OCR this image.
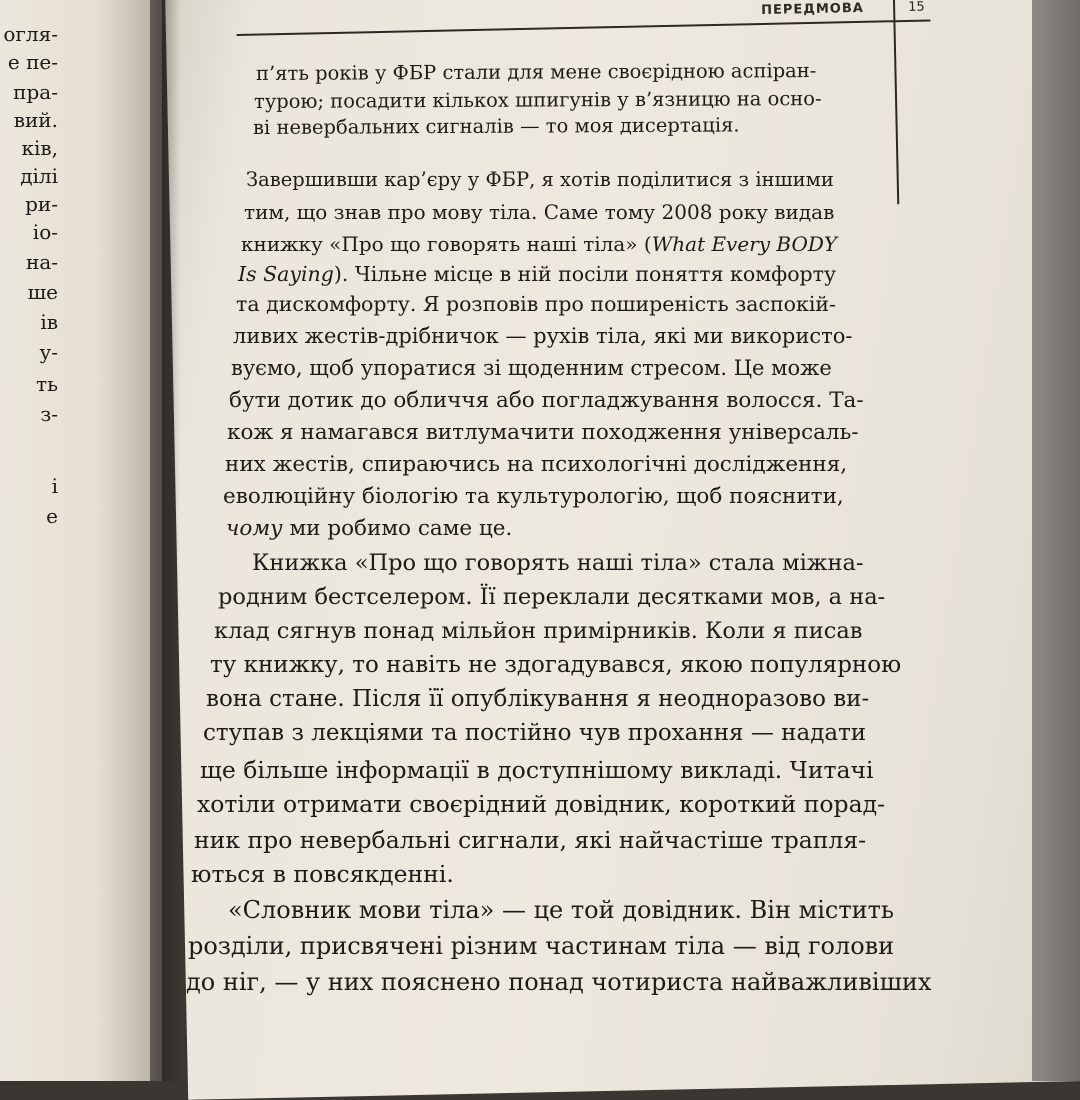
огля-
е пе-
пра-
вий.
ків,
ділі
ри-
іо-
на-
ше
ів
у-
ть
з-
і
е
ПЕРЕДМОВА	15
п’ять років у ФБР стали для мене своєрідною аспіран-
турою; посадити кількох шпигунів у в’язницю на осно-
ві невербальних сигналів — то моя дисертація.
Завершивши кар’єру у ФБР, я хотів поділитися з іншими
тим, що знав про мову тіла. Саме тому 2008 року видав
книжку «Про що говорять наші тіла» (What Every BODY
Is Saying). Чільне місце в ній посіли поняття комфорту
та дискомфорту. Я розповів про поширеність заспокій-
ливих жестів-дрібничок — рухів тіла, які ми використо-
вуємо, щоб упоратися зі щоденним стресом. Це може
бути дотик до обличчя або погладжування волосся. Та-
кож я намагався витлумачити походження універсаль-
них жестів, спираючись на психологічні дослідження,
еволюційну біологію та культурологію, щоб пояснити,
чому ми робимо саме це.
Книжка «Про що говорять наші тіла» стала міжна-
родним бестселером. Її переклали десятками мов, а на-
клад сягнув понад мільйон примірників. Коли я писав
ту книжку, то навіть не здогадувався, якою популярною
вона стане. Після її опублікування я неодноразово ви-
ступав з лекціями та постійно чув прохання — надати
ще більше інформації в доступнішому викладі. Читачі
хотіли отримати своєрідний довідник, короткий порад-
ник про невербальні сигнали, які найчастіше трапля-
ються в повсякденні.
«Словник мови тіла» — це той довідник. Він містить
розділи, присвячені різним частинам тіла — від голови
до ніг, — у них пояснено понад чотириста найважливіших
